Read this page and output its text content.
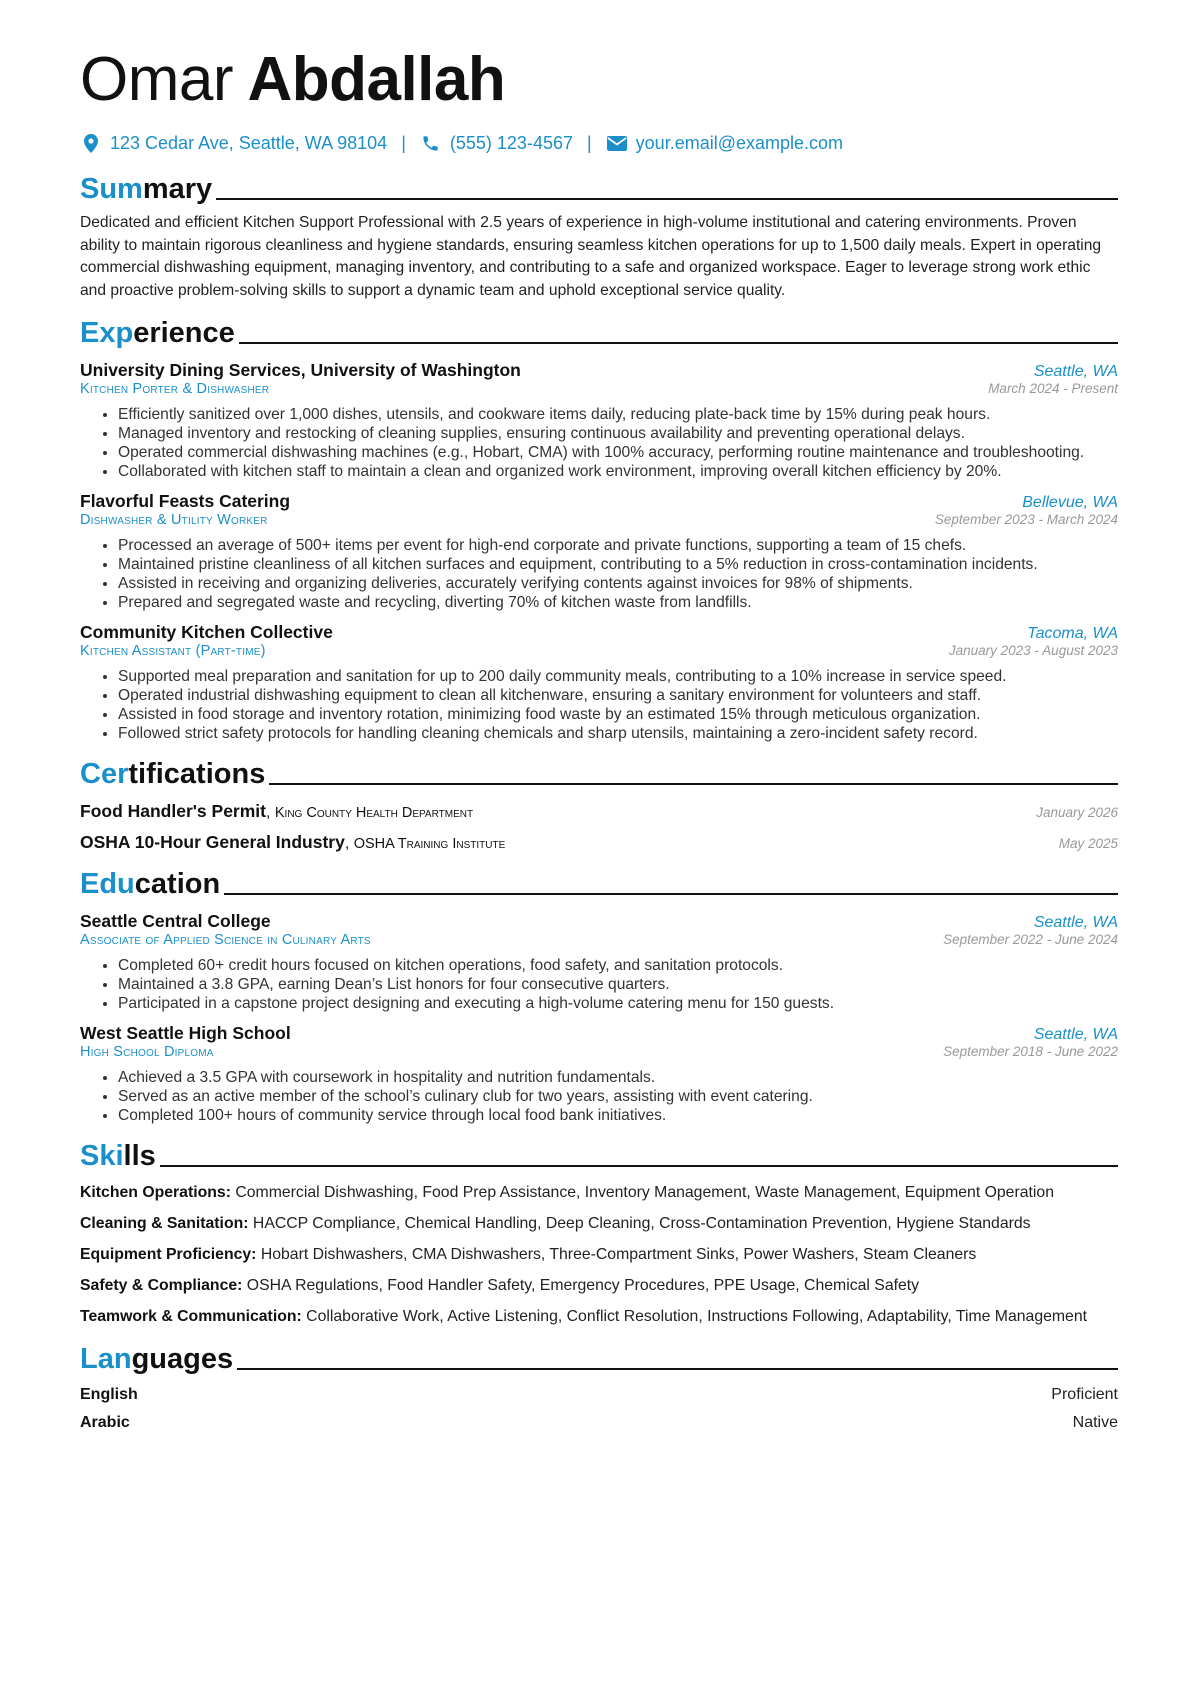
Omar Abdallah
123 Cedar Ave, Seattle, WA 98104 | (555) 123-4567 | your.email@example.com
Summary
Dedicated and efficient Kitchen Support Professional with 2.5 years of experience in high-volume institutional and catering environments. Proven ability to maintain rigorous cleanliness and hygiene standards, ensuring seamless kitchen operations for up to 1,500 daily meals. Expert in operating commercial dishwashing equipment, managing inventory, and contributing to a safe and organized workspace. Eager to leverage strong work ethic and proactive problem-solving skills to support a dynamic team and uphold exceptional service quality.
Experience
University Dining Services, University of Washington	Seattle, WA
Kitchen Porter & Dishwasher	March 2024 - Present
• Efficiently sanitized over 1,000 dishes, utensils, and cookware items daily, reducing plate-back time by 15% during peak hours.
• Managed inventory and restocking of cleaning supplies, ensuring continuous availability and preventing operational delays.
• Operated commercial dishwashing machines (e.g., Hobart, CMA) with 100% accuracy, performing routine maintenance and troubleshooting.
• Collaborated with kitchen staff to maintain a clean and organized work environment, improving overall kitchen efficiency by 20%.
Flavorful Feasts Catering	Bellevue, WA
Dishwasher & Utility Worker	September 2023 - March 2024
• Processed an average of 500+ items per event for high-end corporate and private functions, supporting a team of 15 chefs.
• Maintained pristine cleanliness of all kitchen surfaces and equipment, contributing to a 5% reduction in cross-contamination incidents.
• Assisted in receiving and organizing deliveries, accurately verifying contents against invoices for 98% of shipments.
• Prepared and segregated waste and recycling, diverting 70% of kitchen waste from landfills.
Community Kitchen Collective	Tacoma, WA
Kitchen Assistant (Part-time)	January 2023 - August 2023
• Supported meal preparation and sanitation for up to 200 daily community meals, contributing to a 10% increase in service speed.
• Operated industrial dishwashing equipment to clean all kitchenware, ensuring a sanitary environment for volunteers and staff.
• Assisted in food storage and inventory rotation, minimizing food waste by an estimated 15% through meticulous organization.
• Followed strict safety protocols for handling cleaning chemicals and sharp utensils, maintaining a zero-incident safety record.
Certifications
Food Handler's Permit, King County Health Department	January 2026
OSHA 10-Hour General Industry, OSHA Training Institute	May 2025
Education
Seattle Central College	Seattle, WA
Associate of Applied Science in Culinary Arts	September 2022 - June 2024
• Completed 60+ credit hours focused on kitchen operations, food safety, and sanitation protocols.
• Maintained a 3.8 GPA, earning Dean’s List honors for four consecutive quarters.
• Participated in a capstone project designing and executing a high-volume catering menu for 150 guests.
West Seattle High School	Seattle, WA
High School Diploma	September 2018 - June 2022
• Achieved a 3.5 GPA with coursework in hospitality and nutrition fundamentals.
• Served as an active member of the school’s culinary club for two years, assisting with event catering.
• Completed 100+ hours of community service through local food bank initiatives.
Skills
Kitchen Operations: Commercial Dishwashing, Food Prep Assistance, Inventory Management, Waste Management, Equipment Operation
Cleaning & Sanitation: HACCP Compliance, Chemical Handling, Deep Cleaning, Cross-Contamination Prevention, Hygiene Standards
Equipment Proficiency: Hobart Dishwashers, CMA Dishwashers, Three-Compartment Sinks, Power Washers, Steam Cleaners
Safety & Compliance: OSHA Regulations, Food Handler Safety, Emergency Procedures, PPE Usage, Chemical Safety
Teamwork & Communication: Collaborative Work, Active Listening, Conflict Resolution, Instructions Following, Adaptability, Time Management
Languages
English	Proficient
Arabic	Native
